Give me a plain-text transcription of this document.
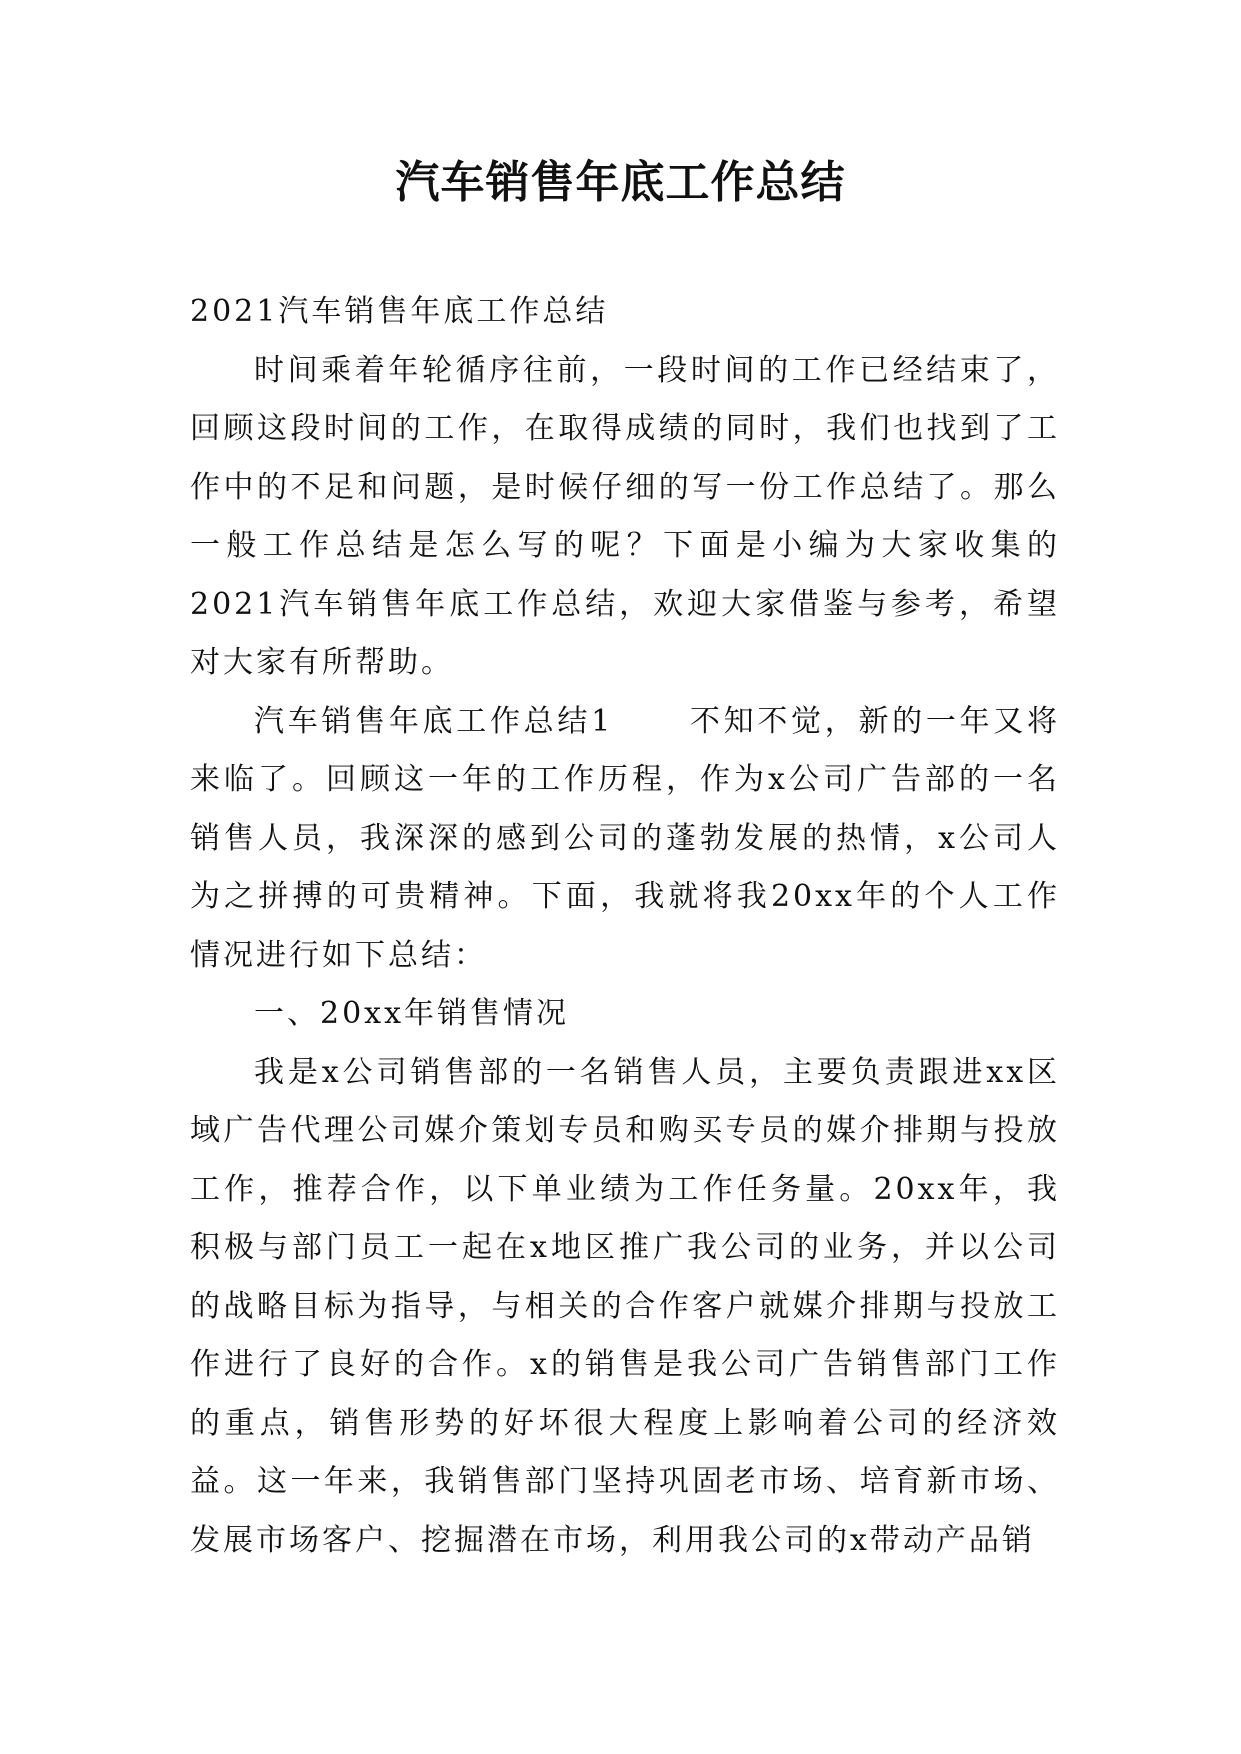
汽车销售年底工作总结

2021汽车销售年底工作总结

时间乘着年轮循序往前，一段时间的工作已经结束了，回顾这段时间的工作，在取得成绩的同时，我们也找到了工作中的不足和问题，是时候仔细的写一份工作总结了。那么一般工作总结是怎么写的呢？下面是小编为大家收集的2021汽车销售年底工作总结，欢迎大家借鉴与参考，希望对大家有所帮助。

汽车销售年底工作总结1	不知不觉，新的一年又将来临了。回顾这一年的工作历程，作为x公司广告部的一名销售人员，我深深的感到公司的蓬勃发展的热情，x公司人为之拼搏的可贵精神。下面，我就将我20xx年的个人工作情况进行如下总结：

一、20xx年销售情况

我是x公司销售部的一名销售人员，主要负责跟进xx区域广告代理公司媒介策划专员和购买专员的媒介排期与投放工作，推荐合作，以下单业绩为工作任务量。20xx年，我积极与部门员工一起在x地区推广我公司的业务，并以公司的战略目标为指导，与相关的合作客户就媒介排期与投放工作进行了良好的合作。x的销售是我公司广告销售部门工作的重点，销售形势的好坏很大程度上影响着公司的经济效益。这一年来，我销售部门坚持巩固老市场、培育新市场、发展市场客户、挖掘潜在市场，利用我公司的x带动产品销
